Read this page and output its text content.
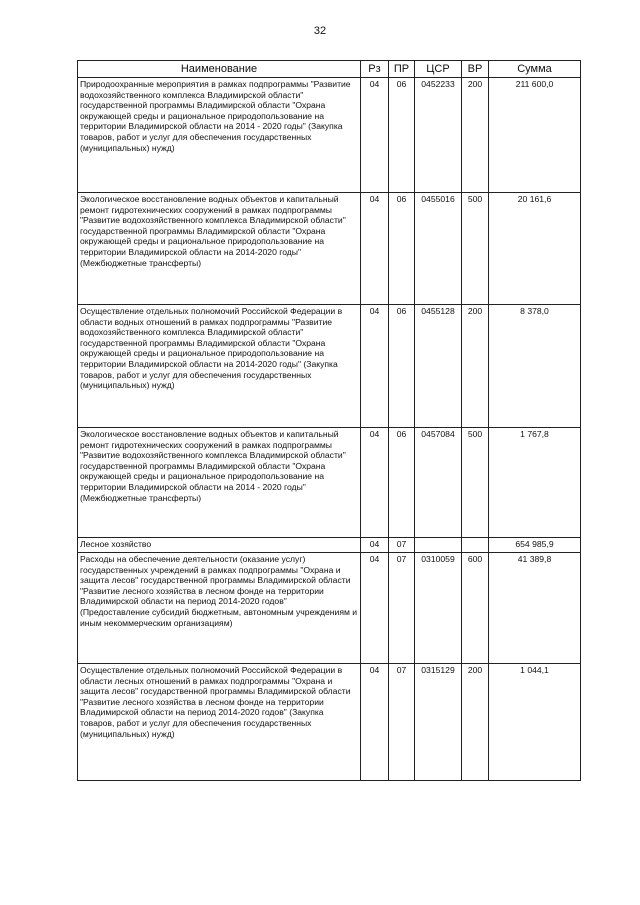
32
Наименование	Рз	ПР	ЦСР	ВР	Сумма
Природоохранные мероприятия в рамках подпрограммы "Развитие водохозяйственного комплекса Владимирской области" государственной программы Владимирской области "Охрана окружающей среды и рациональное природопользование на территории Владимирской области на 2014 - 2020 годы" (Закупка товаров, работ и услуг для обеспечения государственных (муниципальных) нужд)	04	06	0452233	200	211 600,0
Экологическое восстановление водных объектов и капитальный ремонт гидротехнических сооружений в рамках подпрограммы "Развитие водохозяйственного комплекса Владимирской области" государственной программы Владимирской области "Охрана окружающей среды и рациональное природопользование на территории Владимирской области на 2014-2020 годы" (Межбюджетные трансферты)	04	06	0455016	500	20 161,6
Осуществление отдельных полномочий Российской Федерации в области водных отношений в рамках подпрограммы "Развитие водохозяйственного комплекса Владимирской области" государственной программы Владимирской области "Охрана окружающей среды и рациональное природопользование на территории Владимирской области на 2014-2020 годы" (Закупка товаров, работ и услуг для обеспечения государственных (муниципальных) нужд)	04	06	0455128	200	8 378,0
Экологическое восстановление водных объектов и капитальный ремонт гидротехнических сооружений в рамках подпрограммы "Развитие водохозяйственного комплекса Владимирской области" государственной программы Владимирской области "Охрана окружающей среды и рациональное природопользование на территории Владимирской области на 2014 - 2020 годы" (Межбюджетные трансферты)	04	06	0457084	500	1 767,8
Лесное хозяйство	04	07			654 985,9
Расходы на обеспечение деятельности (оказание услуг) государственных учреждений в рамках подпрограммы "Охрана и защита лесов" государственной программы Владимирской области "Развитие лесного хозяйства в лесном фонде на территории Владимирской области на период 2014-2020 годов" (Предоставление субсидий бюджетным, автономным учреждениям и иным некоммерческим организациям)	04	07	0310059	600	41 389,8
Осуществление отдельных полномочий Российской Федерации в области лесных отношений в рамках подпрограммы "Охрана и защита лесов" государственной программы Владимирской области "Развитие лесного хозяйства в лесном фонде на территории Владимирской области на период 2014-2020 годов" (Закупка товаров, работ и услуг для обеспечения государственных (муниципальных) нужд)	04	07	0315129	200	1 044,1
